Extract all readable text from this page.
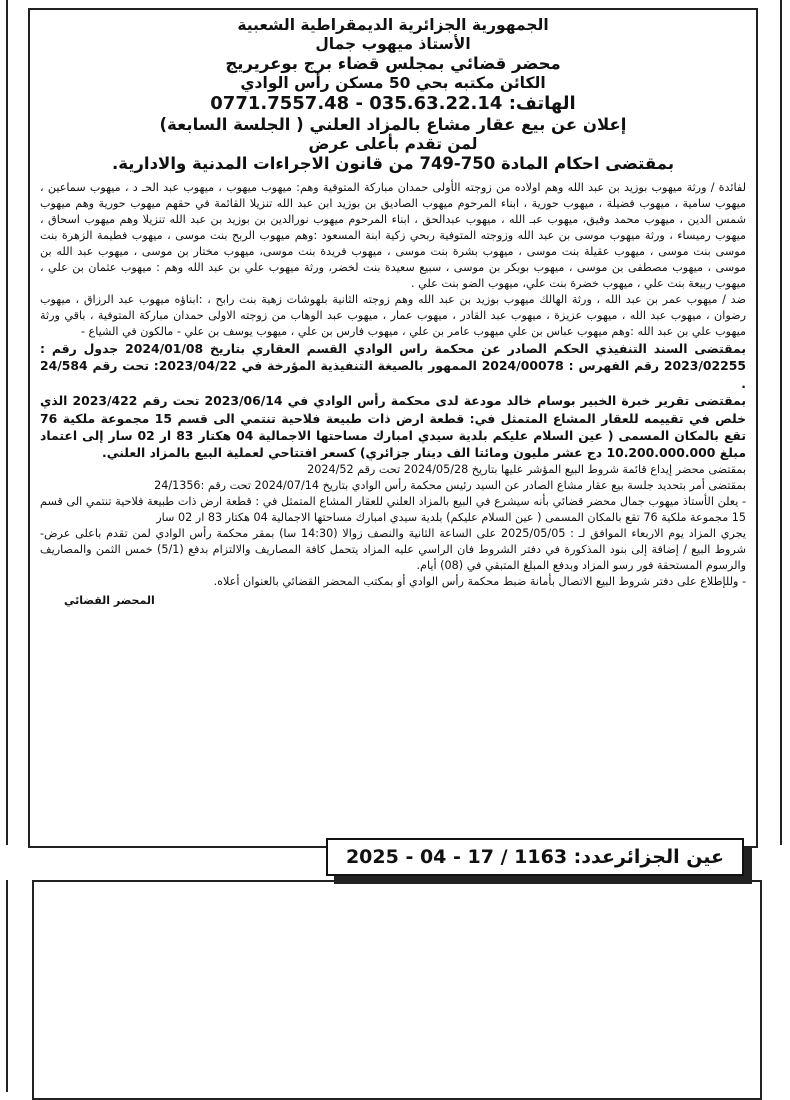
الجمهورية الجزائرية الديمقراطية الشعبية
الأستاذ ميهوب جمال
محضر قضائي بمجلس قضاء برج بوعريريج
الكائن مكتبه بحي 50 مسكن رأس الوادي
الهاتف: 0771.7557.48 - 035.63.22.14
إعلان عن بيع عقار مشاع بالمزاد العلني ( الجلسة السابعة)
لمن تقدم بأعلى عرض
بمقتضى احكام المادة 750-749 من قانون الاجراءات المدنية والادارية.

لفائدة / ورثة ميهوب بوزيد بن عبد الله وهم اولاده من زوجته الأولى حمدان مباركة المتوفية وهم: ميهوب ميهوب ، ميهوب عبد الحـ د ، ميهوب سماعين ، ميهوب سامية ، ميهوب فضيلة ، ميهوب حورية ، ابناء المرحوم ميهوب الصاديق بن بوزيد ابن عبد الله تنزيلا القائمة في حقهم ميهوب حورية وهم ميهوب شمس الدين ، ميهوب محمد وفيق، ميهوب عبـ الله ، ميهوب عبدالحق ، ابناء المرحوم ميهوب نورالدين بن بوزيد بن عبد الله تنزيلا وهم ميهوب اسحاق ، ميهوب رميساء ، ورثة ميهوب موسى بن عبد الله وزوجته المتوفية ربحي زكية ابنة المسعود :وهم ميهوب الربح بنت موسى ، ميهوب فطيمة الزهرة بنت موسى بنت موسى ، ميهوب عقيلة بنت موسى ، ميهوب بشرة بنت موسى ، ميهوب فريدة بنت موسى، ميهوب مختار بن موسى ، ميهوب عبد الله بن موسى ، ميهوب مصطفى بن موسى ، ميهوب بوبكر بن موسى ، سبيع سعيدة بنت لخضر، ورثة ميهوب علي بن عبد الله وهم : ميهوب عثمان بن علي ، ميهوب ربيعة بنت علي ، ميهوب خضرة بنت علي، ميهوب الضو بنت علي .

ضد / ميهوب عمر بن عبد الله ، ورثة الهالك ميهوب بوزيد بن عبد الله وهم زوجته الثانية بلهوشات زهية بنت رابح ، :ابناؤه ميهوب عبد الرزاق ، ميهوب رضوان ، ميهوب عبد الله ، ميهوب عزيزة ، ميهوب عبد القادر ، ميهوب عمار ، ميهوب عبد الوهاب من زوجته الاولى حمدان مباركة المتوفية ، باقي ورثة ميهوب علي بن عبد الله :وهم ميهوب عباس بن علي ميهوب عامر بن علي ، ميهوب فارس بن علي ، ميهوب يوسف بن علي - مالكون في الشياع -

بمقتضى السند التنفيذي الحكم الصادر عن محكمة راس الوادي القسم العقاري بتاريخ 2024/01/08 جدول رقم : 2023/02255 رقم الفهرس : 2024/00078 الممهور بالصيغة التنفيذية المؤرخة في 2023/04/22: تحت رقم 24/584 .

بمقتضى تقرير خبرة الخبير بوسام خالد مودعة لدى محكمة رأس الوادي في 2023/06/14 تحت رقم 2023/422 الذي خلص في تقييمه للعقار المشاع المتمثل في: قطعة ارض ذات طبيعة فلاحية تنتمي الى قسم 15 مجموعة ملكية 76 تقع بالمكان المسمى ( عين السلام عليكم بلدية سيدي امبارك مساحتها الاجمالية 04 هكتار 83 ار 02 سار إلى اعتماد مبلغ 10.200.000.000 دج عشر مليون ومائتا الف دينار جزائري) كسعر افتتاحي لعملية البيع بالمزاد العلني.

بمقتضى محضر إيداع قائمة شروط البيع المؤشر عليها بتاريخ 2024/05/28 تحت رقم 2024/52

بمقتضى أمر بتحديد جلسة بيع عقار مشاع الصادر عن السيد رئيس محكمة رأس الوادي بتاريخ 2024/07/14 تحت رقم :24/1356

- يعلن الأستاذ ميهوب جمال محضر قضائي بأنه سيشرع في البيع بالمزاد العلني للعقار المشاع المتمثل في : قطعة ارض ذات طبيعة فلاحية تنتمي الى قسم 15 مجموعة ملكية 76 تقع بالمكان المسمى ( عين السلام عليكم) بلدية سيدي امبارك مساحتها الاجمالية 04 هكتار 83 ار 02 سار

يجري المزاد يوم الاربعاء الموافق لـ : 2025/05/05 على الساعة الثانية والنصف زوالا (14:30 سا) بمقر محكمة رأس الوادي لمن تقدم باعلى عرض- شروط البيع / إضافة إلى بنود المذكورة في دفتر الشروط فان الراسي عليه المزاد يتحمل كافة المصاريف والالتزام بدفع (5/1) خمس الثمن والمصاريف والرسوم المستحقة فور رسو المزاد وبدفع المبلغ المتبقي في (08) أيام.

- وللإطلاع على دفتر شروط البيع الاتصال بأمانة ضبط محكمة رأس الوادي أو بمكتب المحضر القضائي بالعنوان أعلاه.

المحضر القضائي
عين الجزائرعدد: 1163 / 17 - 04 - 2025
